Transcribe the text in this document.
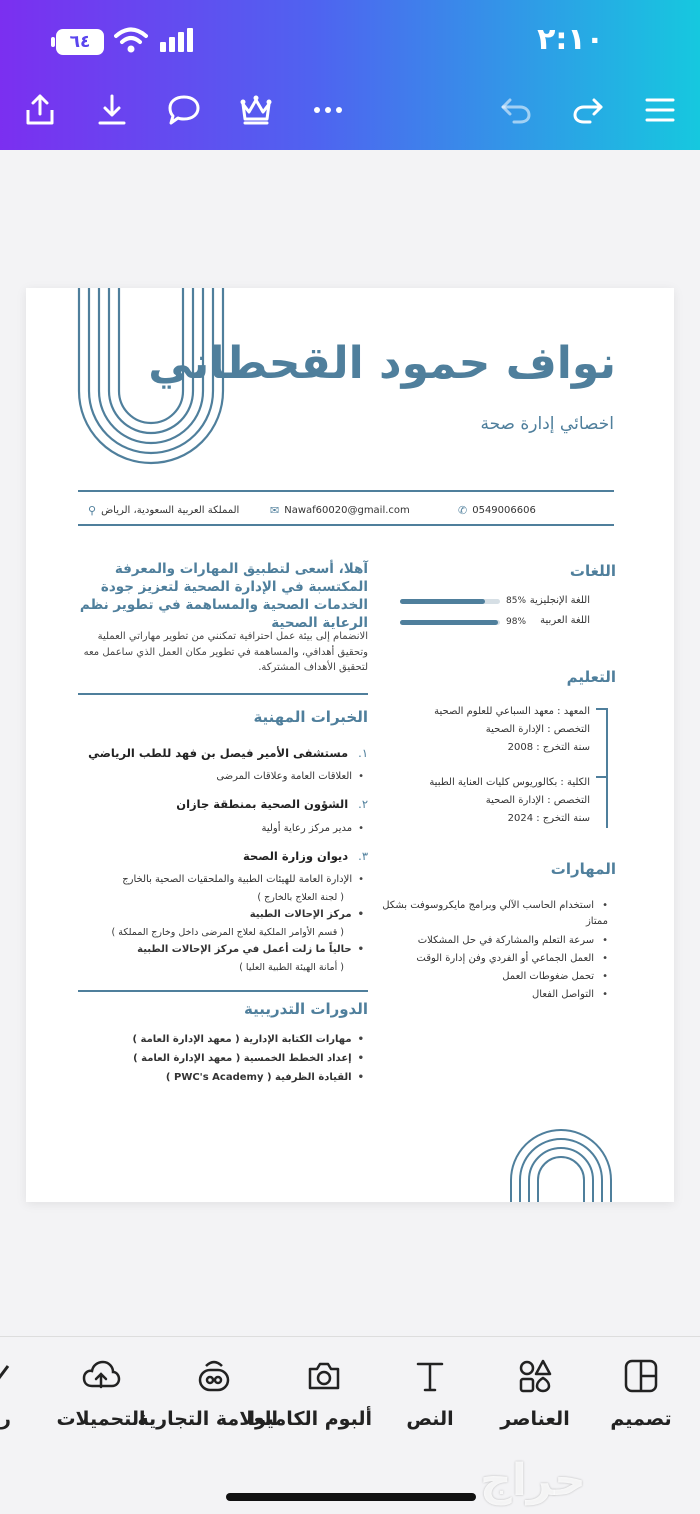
٦٤	٢:١٠
نواف حمود القحطاني
اخصائي إدارة صحة
✆ 0549006606
✉ Nawaf60020@gmail.com
⚲ المملكة العربية السعودية، الرياض
آهلا، أسعى لتطبيق المهارات والمعرفة المكتسبة في الإدارة الصحية لتعزيز جودة الخدمات الصحية والمساهمة في تطوير نظم الرعاية الصحية
الانضمام إلى بيئة عمل احترافية تمكنني من تطوير مهاراتي العملية وتحقيق أهدافي، والمساهمة في تطوير مكان العمل الذي ساعمل معه لتحقيق الأهداف المشتركة.
الخبرات المهنية
١.مستشفى الأمير فيصل بن فهد للطب الرياضي
• العلاقات العامة وعلاقات المرضى
٢.الشؤون الصحية بمنطقة جازان
• مدير مركز رعاية أولية
٣.ديوان وزارة الصحة
• الإدارة العامة للهيئات الطبية والملحقيات الصحية بالخارج
( لجنة العلاج بالخارج )
• مركز الإحالات الطبية
( قسم الأوامر الملكية لعلاج المرضى داخل وخارج المملكة )
• حالياً ما زلت أعمل في مركز الإحالات الطبية
( أمانة الهيئة الطبية العليا )
الدورات التدريبية
• مهارات الكتابة الإدارية ( معهد الإدارة العامة )
• إعداد الخطط الخمسية ( معهد الإدارة العامة )
• القيادة الظرفية ( PWC's Academy )
اللغات
اللغة الإنجليزية
85%
اللغة العربية
98%
التعليم
المعهد : معهد السباعي للعلوم الصحية
التخصص : الإدارة الصحية
سنة التخرج : 2008
الكلية : بكالوريوس كليات العناية الطبية
التخصص : الإدارة الصحية
سنة التخرج : 2024
المهارات
• استخدام الحاسب الآلي وبرامج مايكروسوفت بشكل ممتاز
• سرعة التعلم والمشاركة في حل المشكلات
• العمل الجماعي أو الفردي وفن إدارة الوقت
• تحمل ضغوطات العمل
• التواصل الفعال
ر التحميلات
العلامة التجارية
ألبوم الكاميرا	النص	العناصر	تصميم
حراج
